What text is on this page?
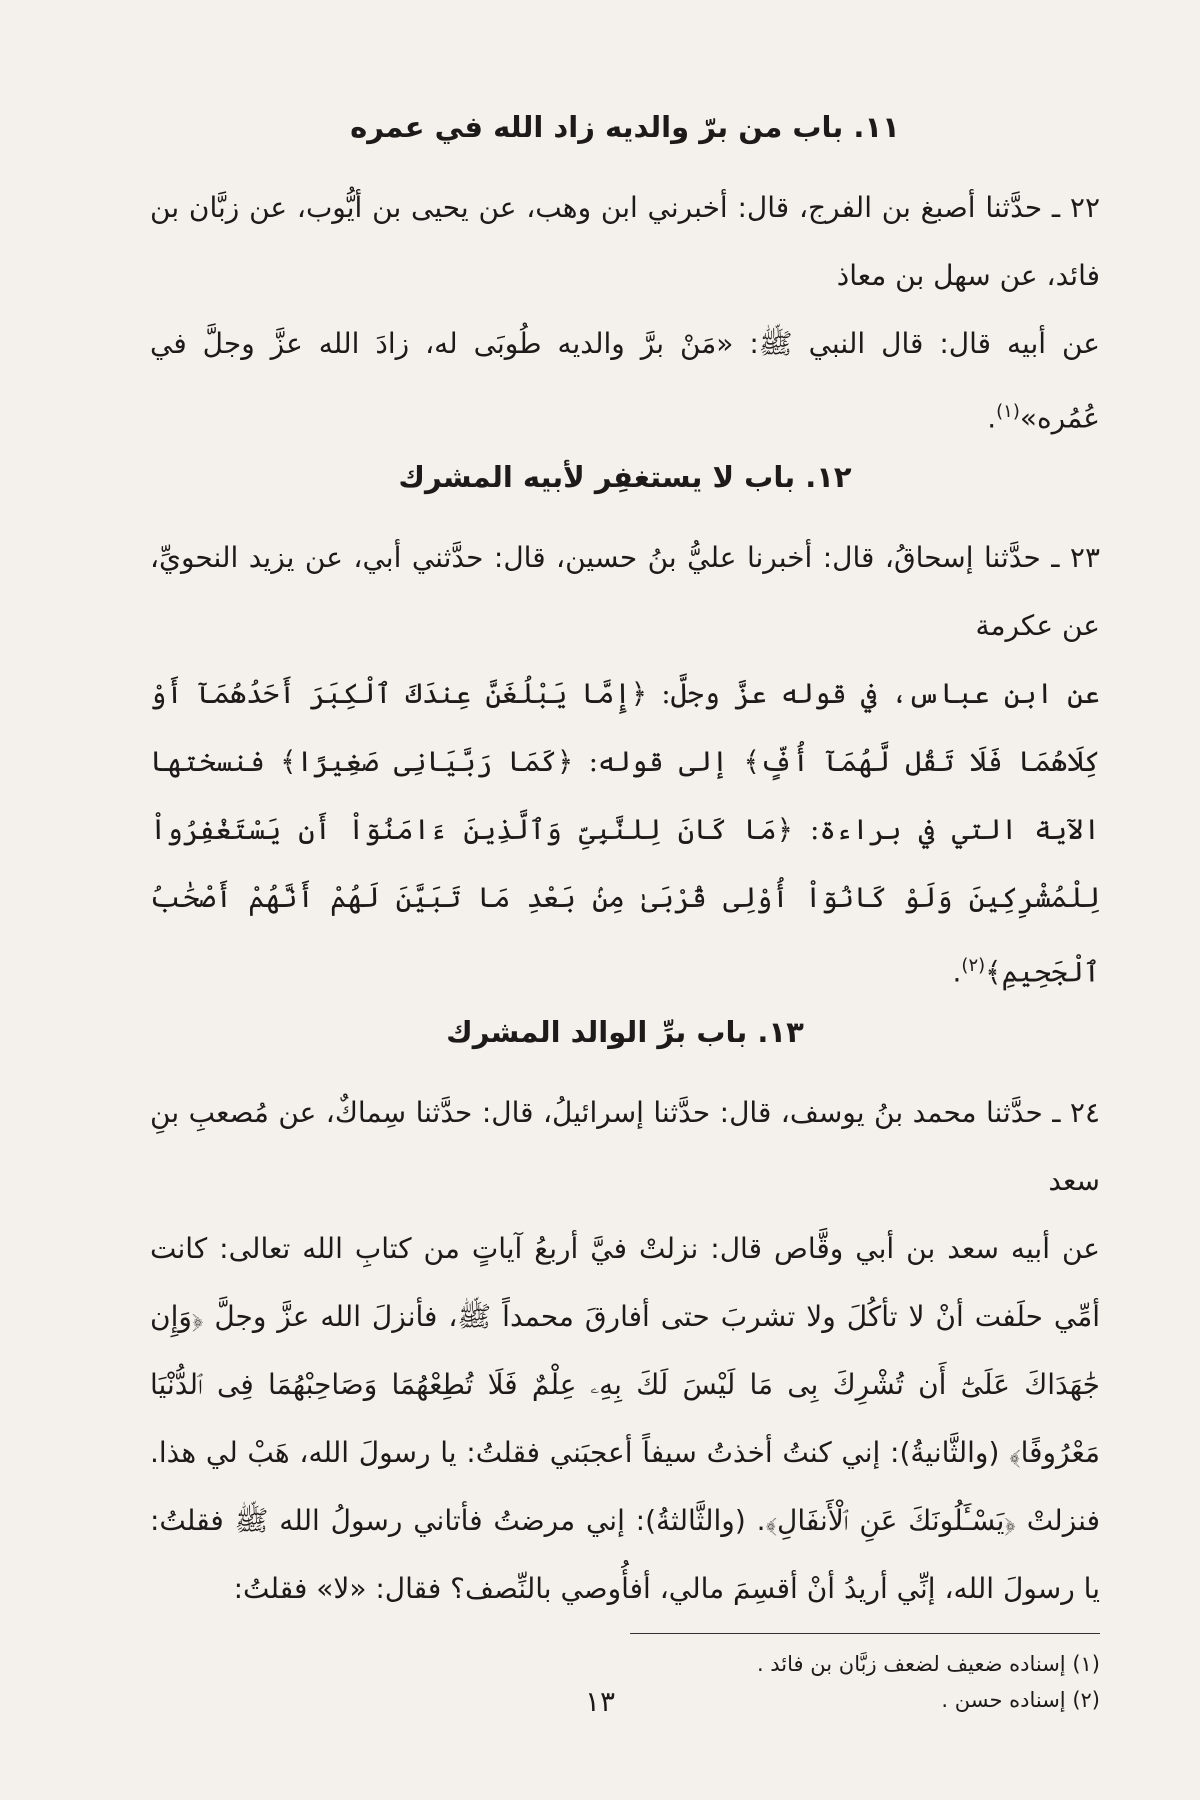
١١. باب من برّ والديه زاد الله في عمره

٢٢ ـ حدَّثنا أصبغ بن الفرج، قال: أخبرني ابن وهب، عن يحيى بن أيُّوب، عن زبَّان بن فائد، عن سهل بن معاذ

عن أبيه قال: قال النبي ﷺ: «مَنْ برَّ والديه طُوبَى له، زادَ الله عزَّ وجلَّ في عُمُره»$^{(١)}$.

١٢. باب لا يستغفِر لأبيه المشرك

٢٣ ـ حدَّثنا إسحاقُ، قال: أخبرنا عليُّ بنُ حسين، قال: حدَّثني أبي، عن يزيد النحويِّ، عن عكرمة

عن ابن عباس، في قوله عزَّ وجلَّ: ﴿إِمَّا يَبْلُغَنَّ عِندَكَ ٱلْكِبَرَ أَحَدُهُمَآ أَوْ كِلَاهُمَا فَلَا تَقُل لَّهُمَآ أُفٍّ﴾ إلى قوله: ﴿كَمَا رَبَّيَانِى صَغِيرًا﴾ فنسختها الآية التي في براءة: ﴿مَا كَانَ لِلنَّبِىِّ وَٱلَّذِينَ ءَامَنُوٓاْ أَن يَسْتَغْفِرُواْ لِلْمُشْرِكِينَ وَلَوْ كَانُوٓاْ أُوْلِى قُرْبَىٰ مِنۢ بَعْدِ مَا تَبَيَّنَ لَهُمْ أَنَّهُمْ أَصْحَٰبُ ٱلْجَحِيمِ﴾$^{(٢)}$.

١٣. باب برِّ الوالد المشرك

٢٤ ـ حدَّثنا محمد بنُ يوسف، قال: حدَّثنا إسرائيلُ، قال: حدَّثنا سِماكٌ، عن مُصعبِ بنِ سعد

عن أبيه سعد بن أبي وقَّاص قال: نزلتْ فيَّ أربعُ آياتٍ من كتابِ الله تعالى: كانت أمِّي حلَفت أنْ لا تأكُلَ ولا تشربَ حتى أفارقَ محمداً ﷺ، فأنزلَ الله عزَّ وجلَّ ﴿وَإِن جَٰهَدَاكَ عَلَىٰٓ أَن تُشْرِكَ بِى مَا لَيْسَ لَكَ بِهِۦ عِلْمٌ فَلَا تُطِعْهُمَا وَصَاحِبْهُمَا فِى ٱلدُّنْيَا مَعْرُوفًا﴾ (والثَّانيةُ): إني كنتُ أخذتُ سيفاً أعجبَني فقلتُ: يا رسولَ الله، هَبْ لي هذا. فنزلتْ ﴿يَسْـَٔلُونَكَ عَنِ ٱلْأَنفَالِ﴾. (والثَّالثةُ): إني مرضتُ فأتاني رسولُ الله ﷺ فقلتُ: يا رسولَ الله، إنِّي أريدُ أنْ أقسِمَ مالي، أفأُوصي بالنِّصف؟ فقال: «لا» فقلتُ:

(١) إسناده ضعيف لضعف زبَّان بن فائد .
(٢) إسناده حسن .
١٣
